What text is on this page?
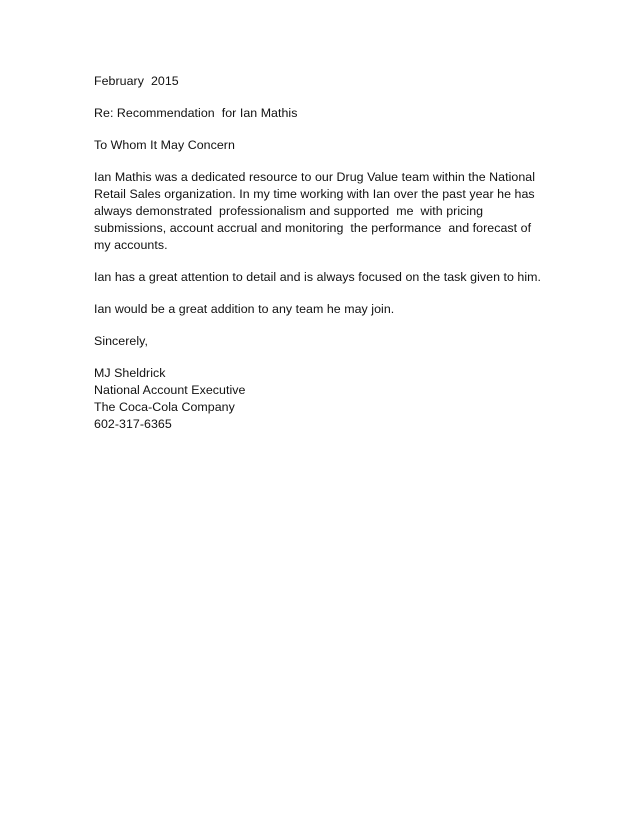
February  2015
Re: Recommendation  for Ian Mathis
To Whom It May Concern
Ian Mathis was a dedicated resource to our Drug Value team within the National Retail Sales organization. In my time working with Ian over the past year he has always demonstrated  professionalism and supported  me  with pricing submissions, account accrual and monitoring  the performance  and forecast of my accounts.
Ian has a great attention to detail and is always focused on the task given to him.
Ian would be a great addition to any team he may join.
Sincerely,
MJ Sheldrick
National Account Executive
The Coca-Cola Company
602-317-6365
